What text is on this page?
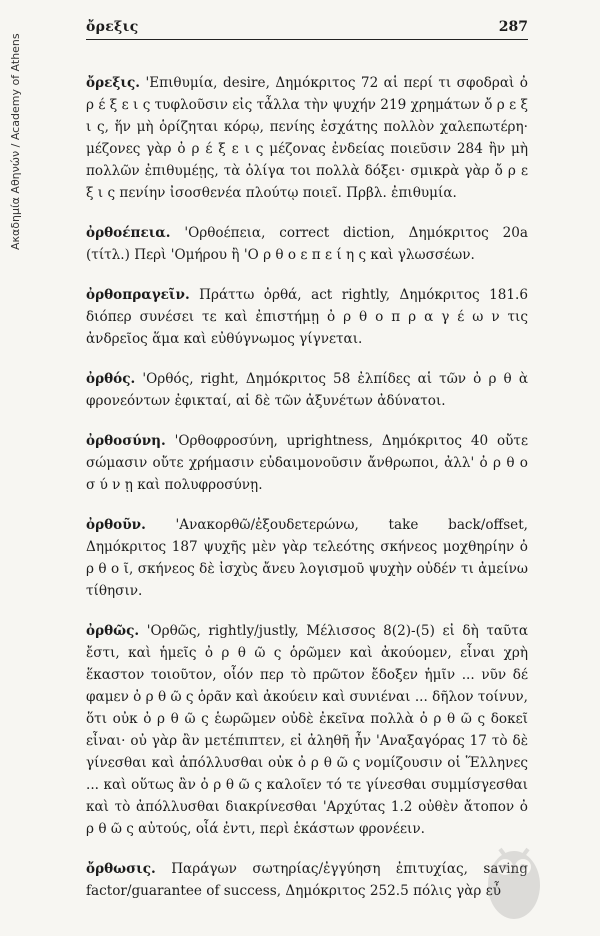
Ακαδημία Αθηνών / Academy of Athens
ὄρεξις	287

ὄρεξις. 'Επιθυμία, desire, Δημόκριτος 72 αἱ περί τι σφοδραὶ ὀ ρ έ ξ ε ι ς τυφλοῦσιν εἰς τἆλλα τὴν ψυχήν 219 χρημάτων ὄ ρ ε ξ ι ς, ἥν μὴ ὁρίζηται κόρῳ, πενίης ἐσχάτης πολλὸν χαλεπωτέρη· μέζονες γὰρ ὀ ρ έ ξ ε ι ς μέζονας ἐνδείας ποιεῦσιν 284 ἢν μὴ πολλῶν ἐπιθυμέῃς, τὰ ὀλίγα τοι πολλὰ δόξει· σμικρὰ γὰρ ὄ ρ ε ξ ι ς πενίην ἰσοσθενέα πλούτῳ ποιεῖ. Πρβλ. ἐπιθυμία.

ὀρθοέπεια. 'Ορθοέπεια, correct diction, Δημόκριτος 20a (τίτλ.) Περὶ 'Ομήρου ἢ 'Ο ρ θ ο ε π ε ί η ς καὶ γλωσσέων.

ὀρθοπραγεῖν. Πράττω ὀρθά, act rightly, Δημόκριτος 181.6 διόπερ συνέσει τε καὶ ἐπιστήμῃ ὀ ρ θ ο π ρ α γ έ ω ν τις ἀνδρεῖος ἅμα καὶ εὐθύγνωμος γίγνεται.

ὀρθός. 'Ορθός, right, Δημόκριτος 58 ἐλπίδες αἱ τῶν ὀ ρ θ ὰ φρονεόντων ἐφικταί, αἱ δὲ τῶν ἀξυνέτων ἀδύνατοι.

ὀρθοσύνη. 'Ορθοφροσύνη, uprightness, Δημόκριτος 40 οὔτε σώμασιν οὔτε χρήμασιν εὐδαιμονοῦσιν ἄνθρωποι, ἀλλ' ὀ ρ θ ο σ ύ ν ῃ καὶ πολυφροσύνῃ.

ὀρθοῦν. 'Ανακορθῶ/ἐξουδετερώνω, take back/offset, Δημόκριτος 187 ψυχῆς μὲν γὰρ τελεότης σκήνεος μοχθηρίην ὀ ρ θ ο ῖ, σκήνεος δὲ ἰσχὺς ἄνευ λογισμοῦ ψυχὴν οὐδέν τι ἀμείνω τίθησιν.

ὀρθῶς. 'Ορθῶς, rightly/justly, Μέλισσος 8(2)-(5) εἰ δὴ ταῦτα ἔστι, καὶ ἡμεῖς ὀ ρ θ ῶ ς ὁρῶμεν καὶ ἀκούομεν, εἶναι χρὴ ἕκαστον τοιοῦτον, οἷόν περ τὸ πρῶτον ἔδοξεν ἡμῖν ... νῦν δέ φαμεν ὀ ρ θ ῶ ς ὁρᾶν καὶ ἀκούειν καὶ συνιέναι ... δῆλον τοίνυν, ὅτι οὐκ ὀ ρ θ ῶ ς ἑωρῶμεν οὐδὲ ἐκεῖνα πολλὰ ὀ ρ θ ῶ ς δοκεῖ εἶναι· οὐ γὰρ ἂν μετέπιπτεν, εἰ ἀληθῆ ἦν 'Αναξαγόρας 17 τὸ δὲ γίνεσθαι καὶ ἀπόλλυσθαι οὐκ ὀ ρ θ ῶ ς νομίζουσιν οἱ Ἕλληνες ... καὶ οὕτως ἂν ὀ ρ θ ῶ ς καλοῖεν τό τε γίνεσθαι συμμίσγεσθαι καὶ τὸ ἀπόλλυσθαι διακρίνεσθαι 'Αρχύτας 1.2 οὐθὲν ἄτοπον ὀ ρ θ ῶ ς αὐτούς, οἷά ἐντι, περὶ ἑκάστων φρονέειν.

ὄρθωσις. Παράγων σωτηρίας/ἐγγύηση ἐπιτυχίας, saving factor/guarantee of success, Δημόκριτος 252.5 πόλις γὰρ εὖ
